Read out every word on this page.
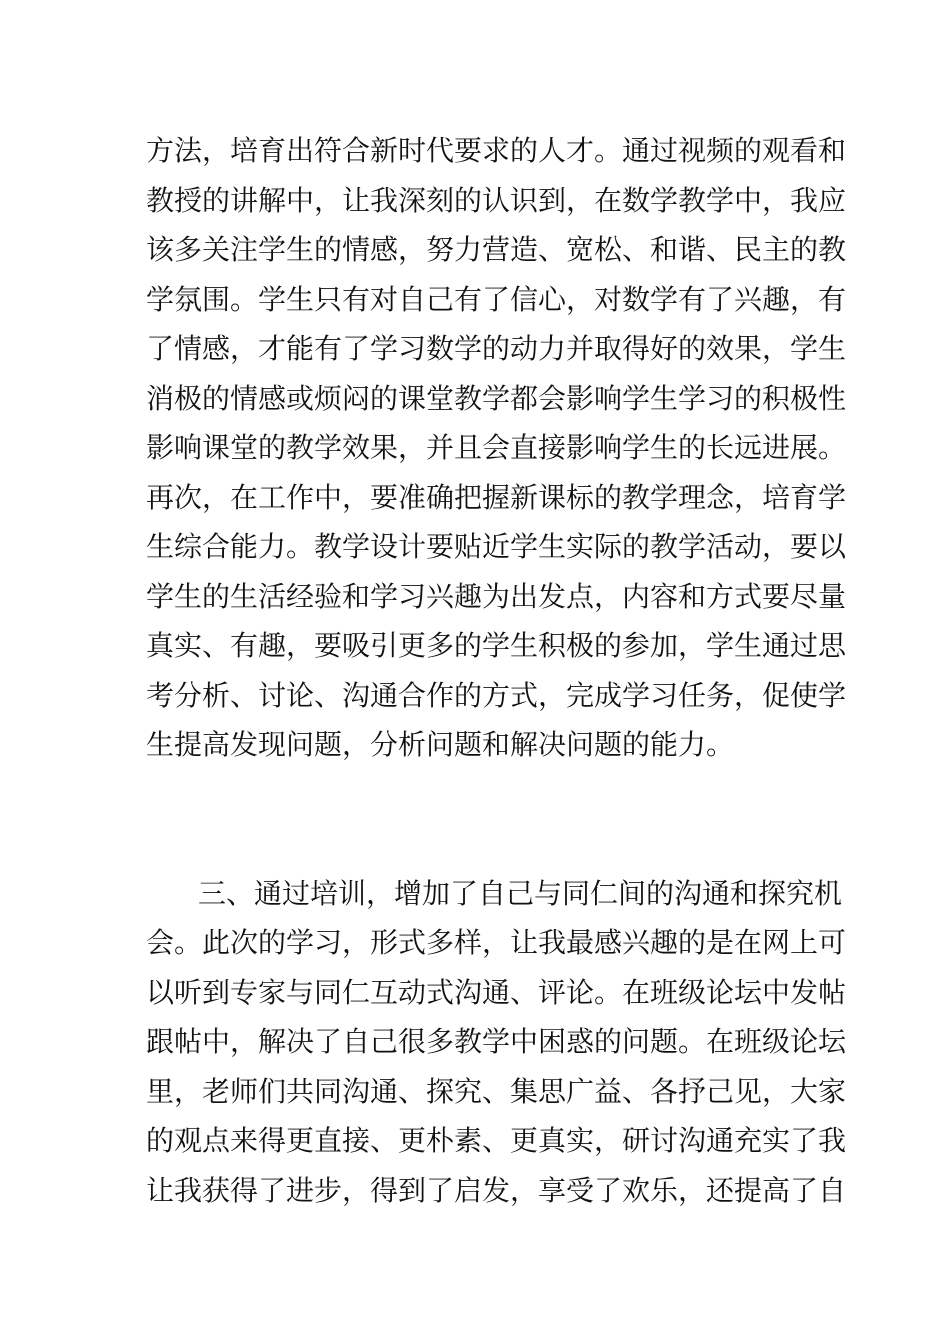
方法，培育出符合新时代要求的人才。通过视频的观看和
教授的讲解中，让我深刻的认识到，在数学教学中，我应
该多关注学生的情感，努力营造、宽松、和谐、民主的教
学氛围。学生只有对自己有了信心，对数学有了兴趣，有
了情感，才能有了学习数学的动力并取得好的效果，学生
消极的情感或烦闷的课堂教学都会影响学生学习的积极性
影响课堂的教学效果，并且会直接影响学生的长远进展。
再次，在工作中，要准确把握新课标的教学理念，培育学
生综合能力。教学设计要贴近学生实际的教学活动，要以
学生的生活经验和学习兴趣为出发点，内容和方式要尽量
真实、有趣，要吸引更多的学生积极的参加，学生通过思
考分析、讨论、沟通合作的方式，完成学习任务，促使学
生提高发现问题，分析问题和解决问题的能力。
三、通过培训，增加了自己与同仁间的沟通和探究机
会。此次的学习，形式多样，让我最感兴趣的是在网上可
以听到专家与同仁互动式沟通、评论。在班级论坛中发帖
跟帖中，解决了自己很多教学中困惑的问题。在班级论坛
里，老师们共同沟通、探究、集思广益、各抒己见，大家
的观点来得更直接、更朴素、更真实，研讨沟通充实了我
让我获得了进步，得到了启发，享受了欢乐，还提高了自
